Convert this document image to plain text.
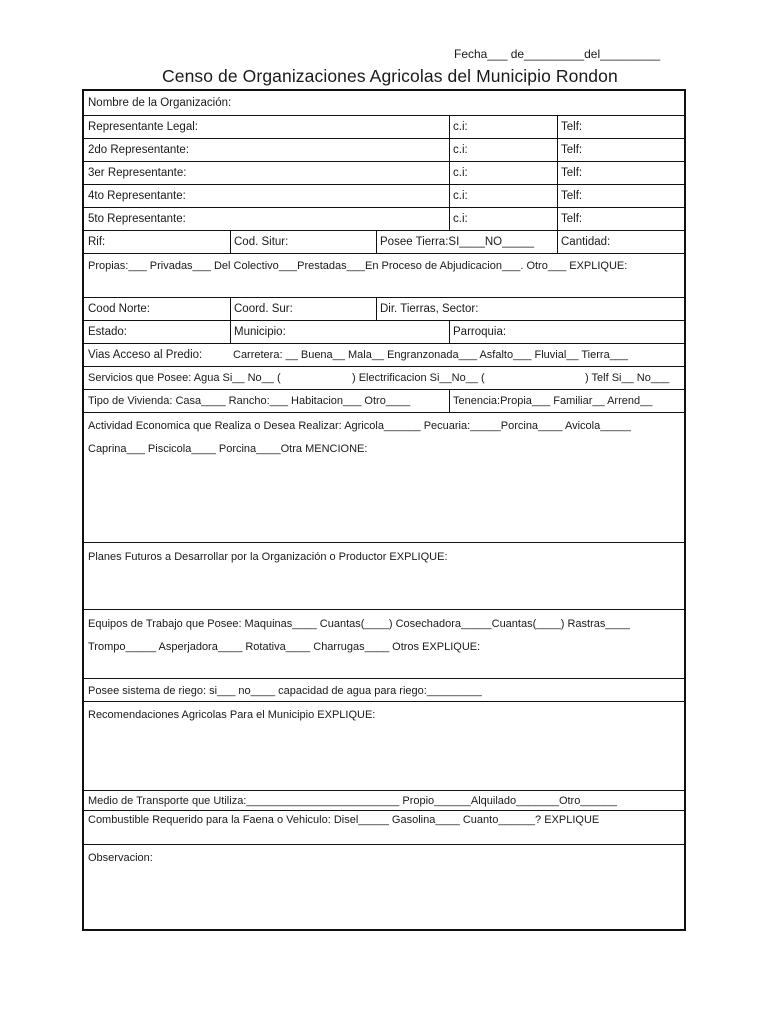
Fecha___ de_________del_________
Censo de Organizaciones Agricolas del Municipio Rondon
Nombre de la Organización:
Representante Legal:	c.i:	Telf:
2do Representante:	c.i:	Telf:
3er Representante:	c.i:	Telf:
4to Representante:	c.i:	Telf:
5to Representante:	c.i:	Telf:
Rif:	Cod. Situr:	Posee Tierra:SI____NO_____ Cantidad:
Propias:___ Privadas___ Del Colectivo___Prestadas___En Proceso de Abjudicacion___. Otro___ EXPLIQUE:
Cood Norte:	Coord. Sur:	Dir. Tierras, Sector:
Estado:	Municipio:	Parroquia:
Vias Acceso al Predio:	Carretera: __ Buena__ Mala__ Engranzonada___ Asfalto___ Fluvial__ Tierra___
Servicios que Posee: Agua Si__ No__ (	) Electrificacion Si__No__ (	) Telf Si__ No___
Tipo de Vivienda: Casa____ Rancho:___ Habitacion___ Otro____	Tenencia:Propia___ Familiar__ Arrend__
Actividad Economica que Realiza o Desea Realizar: Agricola______ Pecuaria:_____Porcina____ Avicola_____
Caprina___ Piscicola____ Porcina____Otra MENCIONE:
Planes Futuros a Desarrollar por la Organización o Productor EXPLIQUE:
Equipos de Trabajo que Posee: Maquinas____ Cuantas(____) Cosechadora_____Cuantas(____) Rastras____
Trompo_____ Asperjadora____ Rotativa____ Charrugas____ Otros EXPLIQUE:
Posee sistema de riego: si___ no____ capacidad de agua para riego:_________
Recomendaciones Agricolas Para el Municipio EXPLIQUE:
Medio de Transporte que Utiliza:_________________________ Propio______Alquilado_______Otro______
Combustible Requerido para la Faena o Vehiculo: Disel_____ Gasolina____ Cuanto______? EXPLIQUE
Observacion:
